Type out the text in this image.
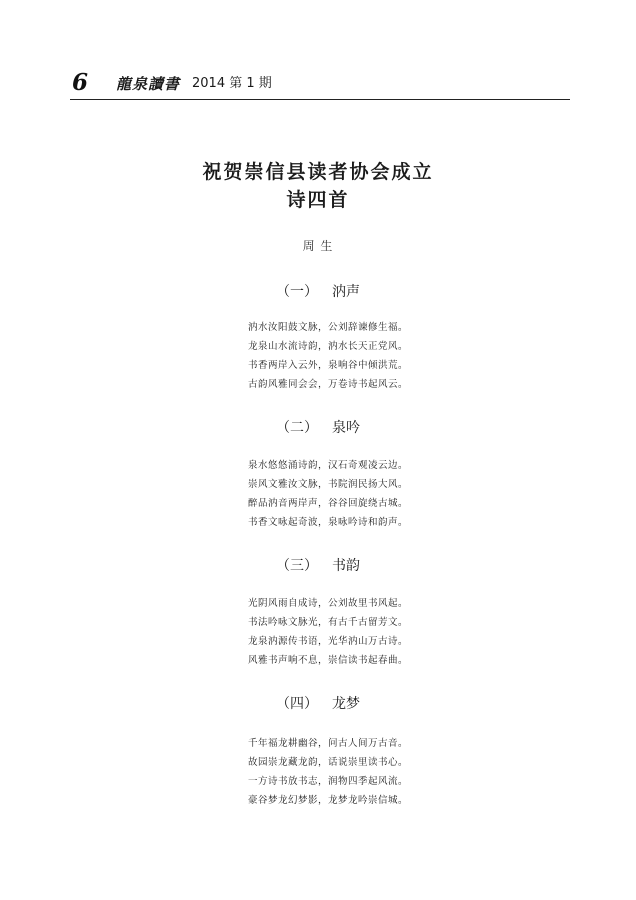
6 龍泉讀書 2014 第 1 期
祝贺崇信县读者协会成立
诗四首
周 生
（一） 汭声
汭水汝阳鼓文脉，公刘辞谏修生福。
龙泉山水流诗韵，汭水长天正党风。
书香两岸入云外，泉响谷中倾洪荒。
古韵风雅同会会，万卷诗书起风云。
（二） 泉吟
泉水悠悠涌诗韵，汉石奇观凌云边。
崇风文雅汝文脉，书院润民扬大风。
醉品汭音两岸声，谷谷回旋绕古城。
书香文咏起奇波，泉咏吟诗和韵声。
（三） 书韵
光阴风雨自成诗，公刘故里书风起。
书法吟咏文脉光，有古千古留芳文。
龙泉汭源传书语，光华汭山万古诗。
风雅书声响不息，崇信读书起春曲。
（四） 龙梦
千年福龙耕幽谷，问古人间万古音。
故园崇龙藏龙韵，话说崇里读书心。
一方诗书放书志，润物四季起风流。
豪谷梦龙幻梦影，龙梦龙吟崇信城。
